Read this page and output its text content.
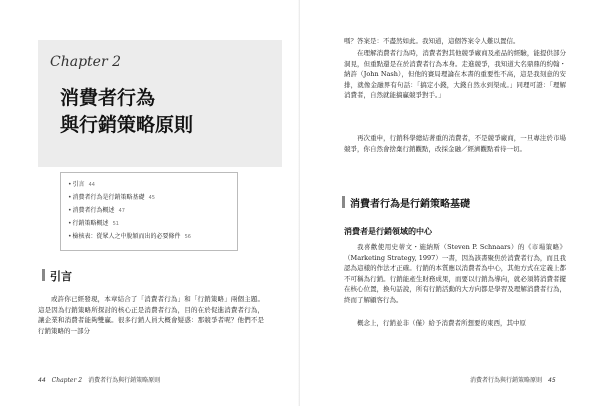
Chapter 2
消費者行為
與行銷策略原則
•引言 44
•消費者行為是行銷策略基礎 45
•消費者行為概述 47
•行銷策略概述 51
•檢核表：從眾人之中脫穎而出的必要條件 56
引言
或許你已經發現，本章結合了「消費者行為」和「行銷策略」兩個主題。這是因為行銷策略所探討的核心正是消費者行為，目的在於促進消費者行為，讓企業和消費者能夠雙贏。很多行銷人員大概會疑惑：那競爭者呢？他們不是行銷策略的一部分
44 Chapter 2 消費者行為與行銷策略原則
嗎？答案是：不盡然如此。我知道，這個答案令人難以置信。
在理解消費者行為時，消費者對其他競爭廠商及產品的經驗，能提供部分洞見，但重點還是在於消費者行為本身。走進競爭，我知道大名鼎鼎的約翰・納許（John Nash），但他的賽局理論在本書的重要性不高，這是我刻意的安排，就像金融界有句話：「搞定小錢，大錢自然水到渠成。」同理可證：「理解消費者，自然就能搞贏競爭對手。」
再次重申，行銷科學總結著重的消費者，不是競爭廠商，一旦專注於市場競爭，你自然會捨棄行銷觀點，改採金融／經濟觀點看待一切。
消費者行為是行銷策略基礎
消費者是行銷領域的中心
我喜歡使用史蒂文・施納斯（Steven P. Schnaars）的《市場策略》（Marketing Strategy, 1997）一書，因為該書聚焦於消費者行為，而且我認為這樣的作法才正確。行銷的本質應以消費者為中心，其他方式在定義上都不可稱為行銷。行銷能產生財務成果，而要以行銷為導向，就必須將消費者擺在核心位置，換句話說，所有行銷活動的大方向都是學習及理解消費者行為，終而了解顧客行為。
概念上，行銷並非（僅）給予消費者所想要的東西，其中原
消費者行為與行銷策略原則 45
